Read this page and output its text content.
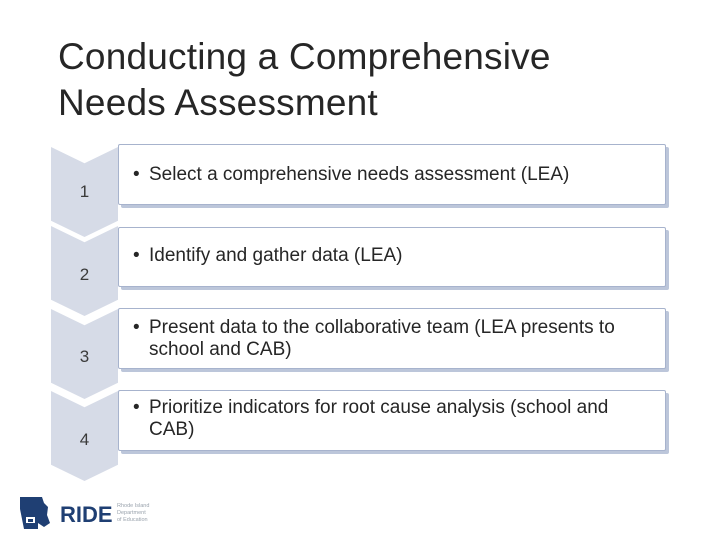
Conducting a Comprehensive
Needs Assessment
1
• Select a comprehensive needs assessment (LEA)
2
• Identify and gather data (LEA)
3
• Present data to the collaborative team (LEA presents to school and CAB)
4
• Prioritize indicators for root cause analysis (school and CAB)
RIDE Rhode Island
Department
of Education
